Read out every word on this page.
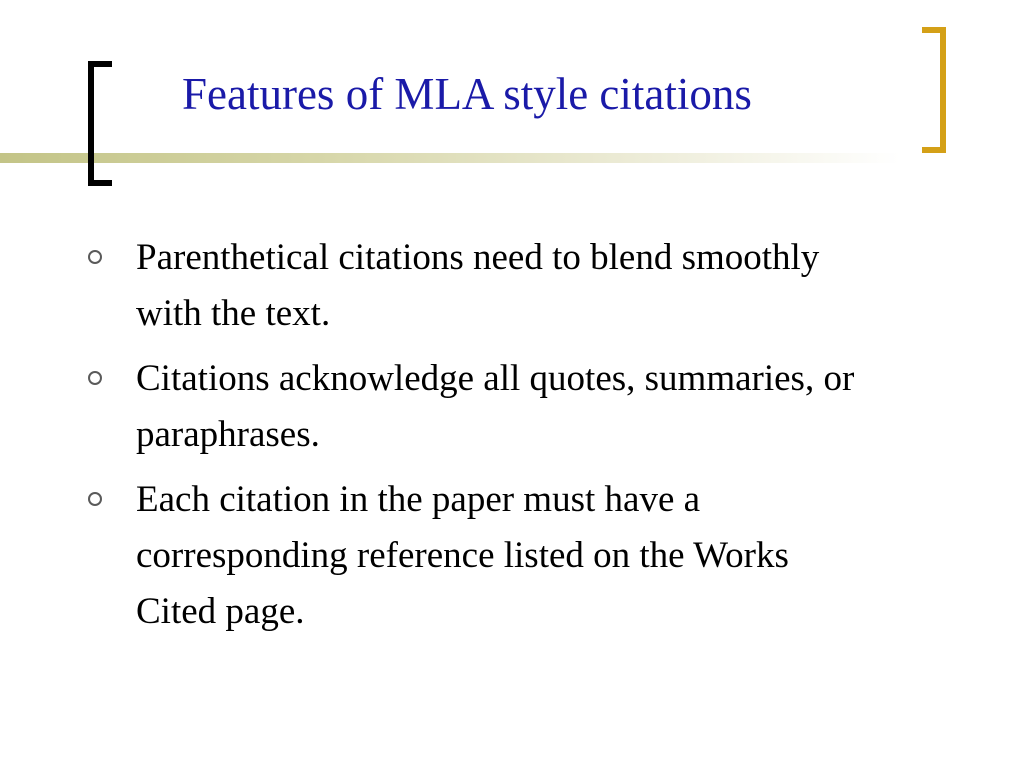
Features of MLA style citations
Parenthetical citations need to blend smoothly with the text.
Citations acknowledge all quotes, summaries, or paraphrases.
Each citation in the paper must have a corresponding reference listed on the Works Cited page.
